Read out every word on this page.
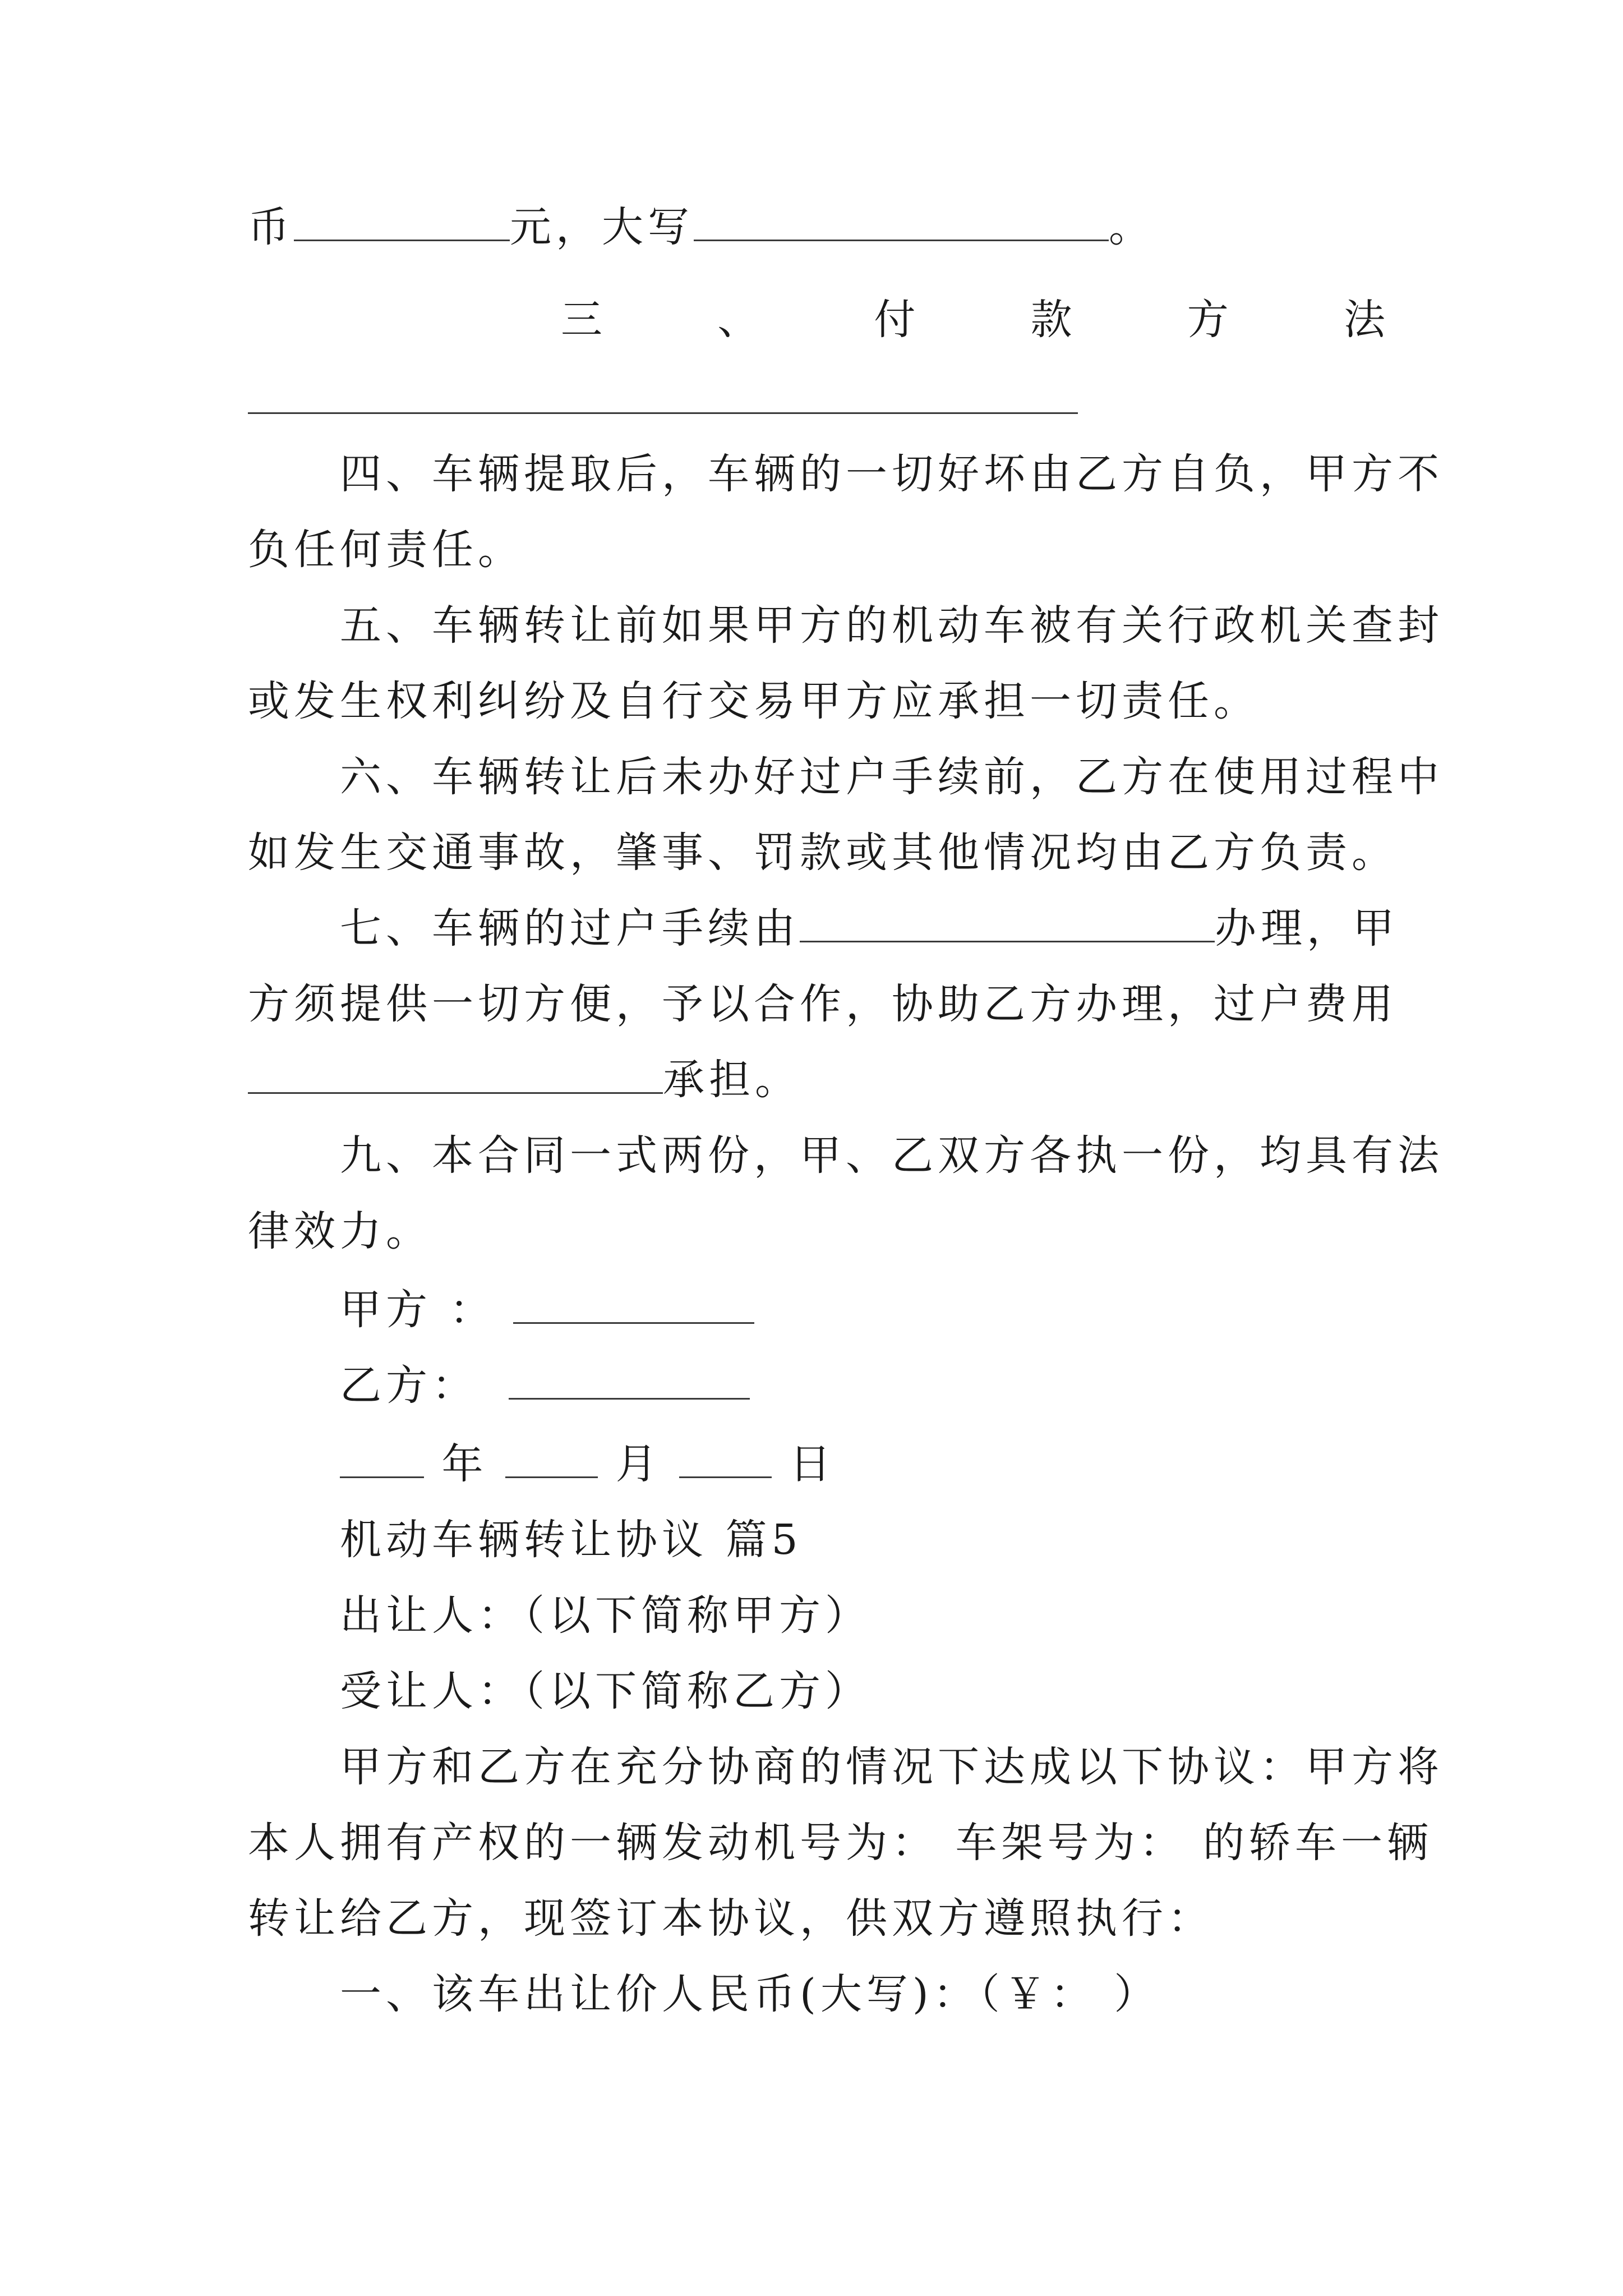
币	元，大写	。
三	、	付	款	方	法
四、车辆提取后，车辆的一切好坏由乙方自负，甲方不
负任何责任。
五、车辆转让前如果甲方的机动车被有关行政机关查封
或发生权利纠纷及自行交易甲方应承担一切责任。
六、车辆转让后未办好过户手续前，乙方在使用过程中
如发生交通事故，肇事、罚款或其他情况均由乙方负责。
七、车辆的过户手续由	办理，甲
方须提供一切方便，予以合作，协助乙方办理，过户费用
承担。
九、本合同一式两份，甲、乙双方各执一份，均具有法
律效力。
甲方 ：
乙方：
年	月	日
机动车辆转让协议 篇5
出让人：（以下简称甲方）
受让人：（以下简称乙方）
甲方和乙方在充分协商的情况下达成以下协议：甲方将
本人拥有产权的一辆发动机号为： 车架号为： 的轿车一辆
转让给乙方，现签订本协议，供双方遵照执行：
一、该车出让价人民币(大写)：（￥： ）
